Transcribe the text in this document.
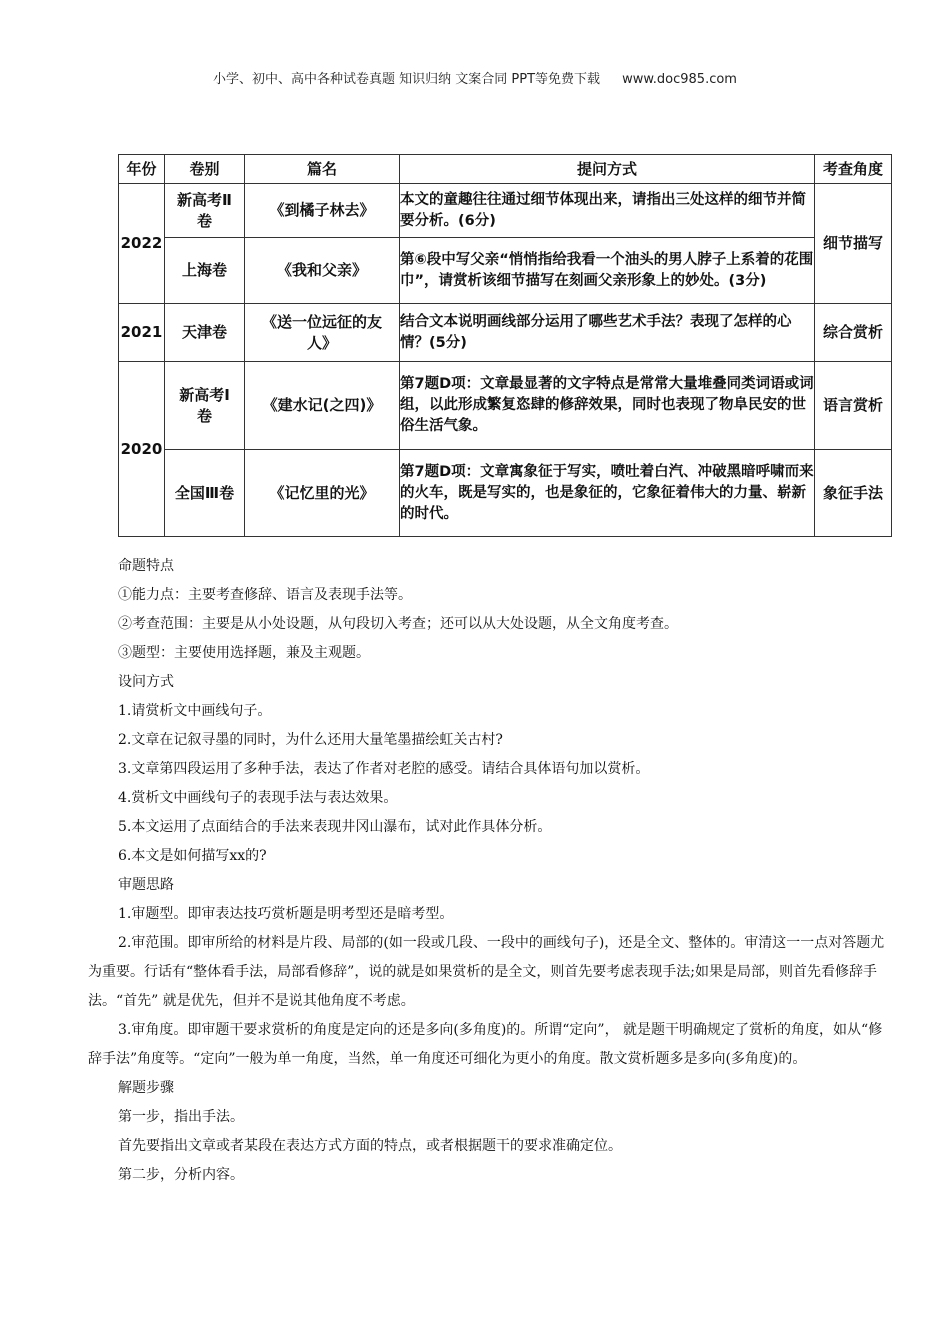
小学、初中、高中各种试卷真题 知识归纳 文案合同 PPT等免费下载 www.doc985.com
年份	卷别	篇名	提问方式	考查角度
2022	新高考Ⅱ卷	《到橘子林去》	本文的童趣往往通过细节体现出来，请指出三处这样的细节并简要分析。(6分)	细节描写
	上海卷	《我和父亲》	第⑥段中写父亲“悄悄指给我看一个油头的男人脖子上系着的花围巾”，请赏析该细节描写在刻画父亲形象上的妙处。(3分)	
2021	天津卷	《送一位远征的友人》	结合文本说明画线部分运用了哪些艺术手法？表现了怎样的心情？(5分)	综合赏析
2020	新高考Ⅰ卷	《建水记(之四)》	第7题D项：文章最显著的文字特点是常常大量堆叠同类词语或词组，以此形成繁复恣肆的修辞效果，同时也表现了物阜民安的世俗生活气象。	语言赏析
	全国Ⅲ卷	《记忆里的光》	第7题D项：文章寓象征于写实，喷吐着白汽、冲破黑暗呼啸而来的火车，既是写实的，也是象征的，它象征着伟大的力量、崭新的时代。	象征手法

命题特点

①能力点：主要考查修辞、语言及表现手法等。

②考查范围：主要是从小处设题，从句段切入考查；还可以从大处设题，从全文角度考查。

③题型：主要使用选择题，兼及主观题。

设问方式

1.请赏析文中画线句子。

2.文章在记叙寻墨的同时，为什么还用大量笔墨描绘虹关古村?

3.文章第四段运用了多种手法，表达了作者对老腔的感受。请结合具体语句加以赏析。

4.赏析文中画线句子的表现手法与表达效果。

5.本文运用了点面结合的手法来表现井冈山瀑布，试对此作具体分析。

6.本文是如何描写xx的?

审题思路

1.审题型。即审表达技巧赏析题是明考型还是暗考型。

2.审范围。即审所给的材料是片段、局部的(如一段或几段、一段中的画线句子)，还是全文、整体的。审清这一一点对答题尤为重要。行话有“整体看手法，局部看修辞”，说的就是如果赏析的是全文，则首先要考虑表现手法;如果是局部，则首先看修辞手法。“首先” 就是优先，但并不是说其他角度不考虑。

3.审角度。即审题干要求赏析的角度是定向的还是多向(多角度)的。所谓“定向”， 就是题干明确规定了赏析的角度，如从“修辞手法”角度等。“定向”一般为单一角度，当然，单一角度还可细化为更小的角度。散文赏析题多是多向(多角度)的。

解题步骤

第一步，指出手法。

首先要指出文章或者某段在表达方式方面的特点，或者根据题干的要求准确定位。

第二步，分析内容。
